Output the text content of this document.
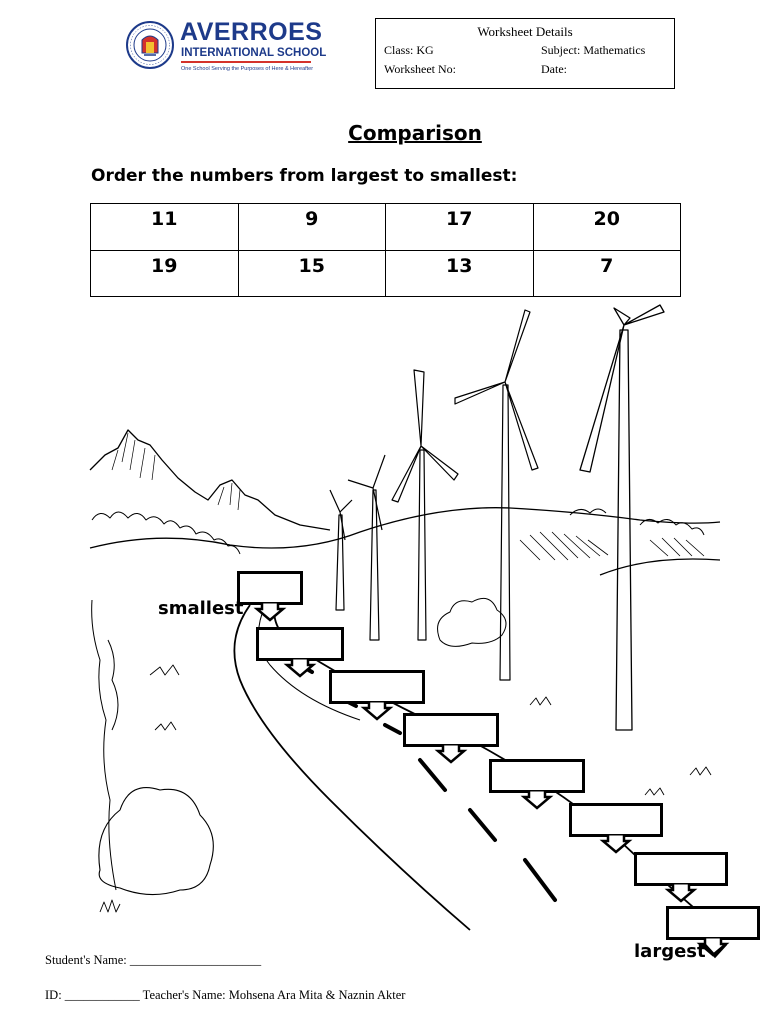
AVERROES
INTERNATIONAL SCHOOL
One School Serving the Purposes of Here & Hereafter
Worksheet Details
Class: KG	Subject: Mathematics
Worksheet No:	Date:
Comparison
Order the numbers from largest to smallest:
11	9	17	20
19	15	13	7
smallest
largest
Student's Name: _____________________
ID: ____________ Teacher's Name: Mohsena Ara Mita & Naznin Akter
